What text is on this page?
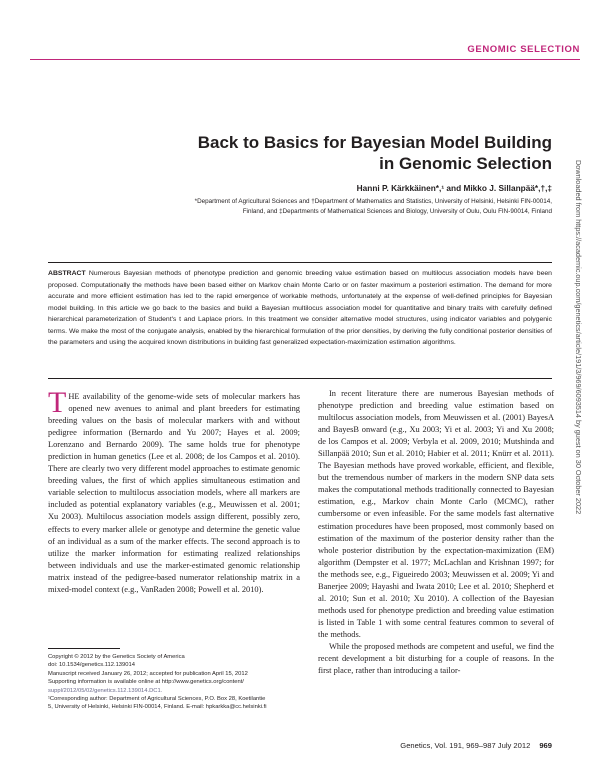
GENOMIC SELECTION
Back to Basics for Bayesian Model Building
in Genomic Selection
Hanni P. Kärkkäinen*,¹ and Mikko J. Sillanpää*,†,‡
*Department of Agricultural Sciences and †Department of Mathematics and Statistics, University of Helsinki, Helsinki FIN-00014,
Finland, and ‡Departments of Mathematical Sciences and Biology, University of Oulu, Oulu FIN-90014, Finland
ABSTRACT Numerous Bayesian methods of phenotype prediction and genomic breeding value estimation based on multilocus association models have been proposed. Computationally the methods have been based either on Markov chain Monte Carlo or on faster maximum a posteriori estimation. The demand for more accurate and more efficient estimation has led to the rapid emergence of workable methods, unfortunately at the expense of well-defined principles for Bayesian model building. In this article we go back to the basics and build a Bayesian multilocus association model for quantitative and binary traits with carefully defined hierarchical parameterization of Student's t and Laplace priors. In this treatment we consider alternative model structures, using indicator variables and polygenic terms. We make the most of the conjugate analysis, enabled by the hierarchical formulation of the prior densities, by deriving the fully conditional posterior densities of the parameters and using the acquired known distributions in building fast generalized expectation-maximization estimation algorithms.

THE availability of the genome-wide sets of molecular markers has opened new avenues to animal and plant breeders for estimating breeding values on the basis of molecular markers with and without pedigree information (Bernardo and Yu 2007; Hayes et al. 2009; Lorenzano and Bernardo 2009). The same holds true for phenotype prediction in human genetics (Lee et al. 2008; de los Campos et al. 2010). There are clearly two very different model approaches to estimate genomic breeding values, the first of which applies simultaneous estimation and variable selection to multilocus association models, where all markers are included as potential explanatory variables (e.g., Meuwissen et al. 2001; Xu 2003). Multilocus association models assign different, possibly zero, effects to every marker allele or genotype and determine the genetic value of an individual as a sum of the marker effects. The second approach is to utilize the marker information for estimating realized relationships between individuals and use the marker-estimated genomic relationship matrix instead of the pedigree-based numerator relationship matrix in a mixed-model context (e.g., VanRaden 2008; Powell et al. 2010).

In recent literature there are numerous Bayesian methods of phenotype prediction and breeding value estimation based on multilocus association models, from Meuwissen et al. (2001) BayesA and BayesB onward (e.g., Xu 2003; Yi et al. 2003; Yi and Xu 2008; de los Campos et al. 2009; Verbyla et al. 2009, 2010; Mutshinda and Sillanpää 2010; Sun et al. 2010; Habier et al. 2011; Knürr et al. 2011). The Bayesian methods have proved workable, efficient, and flexible, but the tremendous number of markers in the modern SNP data sets makes the computational methods traditionally connected to Bayesian estimation, e.g., Markov chain Monte Carlo (MCMC), rather cumbersome or even infeasible. For the same models fast alternative estimation procedures have been proposed, most commonly based on estimation of the maximum of the posterior density rather than the whole posterior distribution by the expectation-maximization (EM) algorithm (Dempster et al. 1977; McLachlan and Krishnan 1997; for the methods see, e.g., Figueiredo 2003; Meuwissen et al. 2009; Yi and Banerjee 2009; Hayashi and Iwata 2010; Lee et al. 2010; Shepherd et al. 2010; Sun et al. 2010; Xu 2010). A collection of the Bayesian methods used for phenotype prediction and breeding value estimation is listed in Table 1 with some central features common to several of the methods.

While the proposed methods are competent and useful, we find the recent development a bit disturbing for a couple of reasons. In the first place, rather than introducing a tailor-

Copyright © 2012 by the Genetics Society of America
doi: 10.1534/genetics.112.139014
Manuscript received January 26, 2012; accepted for publication April 15, 2012
Supporting information is available online at http://www.genetics.org/content/
suppl/2012/05/02/genetics.112.139014.DC1.
¹Corresponding author: Department of Agricultural Sciences, P.O. Box 28, Koetilantie
5, University of Helsinki, Helsinki FIN-00014, Finland. E-mail: hpkarkka@cc.helsinki.fi
Genetics, Vol. 191, 969–987 July 2012 969
Downloaded from https://academic.oup.com/genetics/article/191/3/969/6093514 by guest on 30 October 2022
